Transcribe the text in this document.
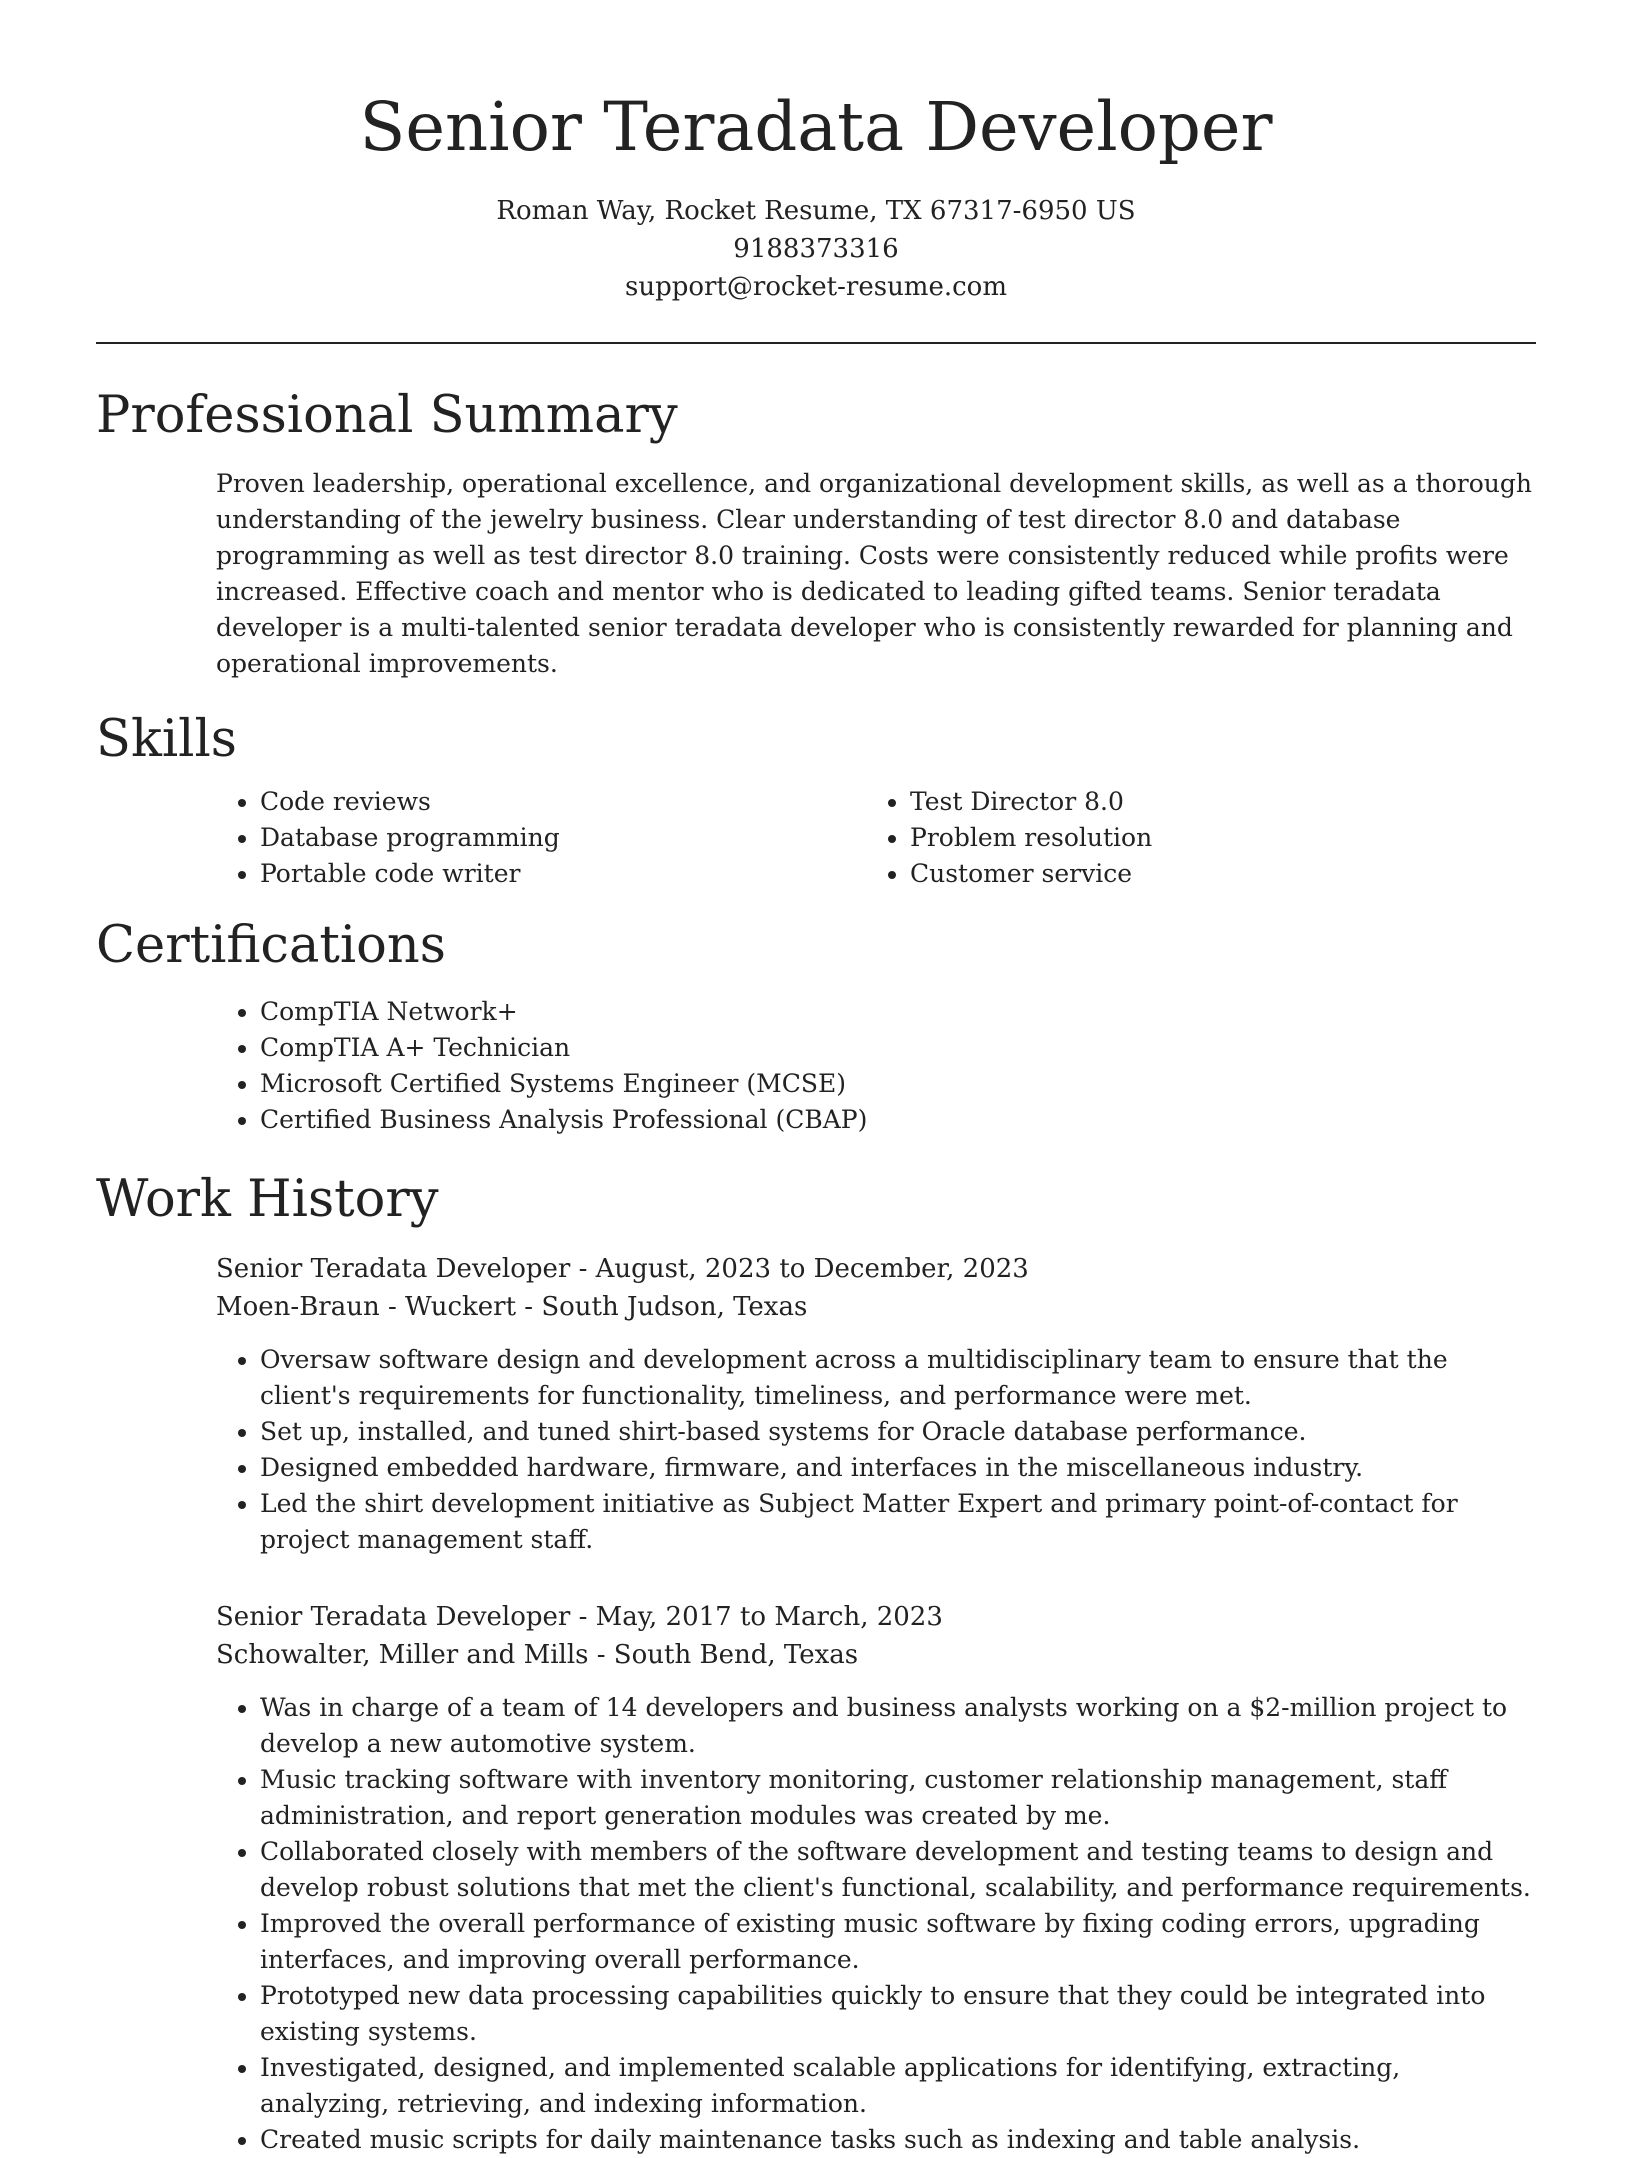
Senior Teradata Developer
Roman Way, Rocket Resume, TX 67317-6950 US
9188373316
support@rocket-resume.com
Professional Summary

Proven leadership, operational excellence, and organizational development skills, as well as a thorough understanding of the jewelry business. Clear understanding of test director 8.0 and database programming as well as test director 8.0 training. Costs were consistently reduced while profits were increased. Effective coach and mentor who is dedicated to leading gifted teams. Senior teradata developer is a multi-talented senior teradata developer who is consistently rewarded for planning and operational improvements.

Skills
• Code reviews
• Database programming
• Portable code writer
• Test Director 8.0
• Problem resolution
• Customer service
Certifications
• CompTIA Network+
• CompTIA A+ Technician
• Microsoft Certified Systems Engineer (MCSE)
• Certified Business Analysis Professional (CBAP)
Work History
Senior Teradata Developer - August, 2023 to December, 2023
Moen-Braun - Wuckert - South Judson, Texas
• Oversaw software design and development across a multidisciplinary team to ensure that the client's requirements for functionality, timeliness, and performance were met.
• Set up, installed, and tuned shirt-based systems for Oracle database performance.
• Designed embedded hardware, firmware, and interfaces in the miscellaneous industry.
• Led the shirt development initiative as Subject Matter Expert and primary point-of-contact for project management staff.
Senior Teradata Developer - May, 2017 to March, 2023
Schowalter, Miller and Mills - South Bend, Texas
• Was in charge of a team of 14 developers and business analysts working on a $2-million project to develop a new automotive system.
• Music tracking software with inventory monitoring, customer relationship management, staff administration, and report generation modules was created by me.
• Collaborated closely with members of the software development and testing teams to design and develop robust solutions that met the client's functional, scalability, and performance requirements.
• Improved the overall performance of existing music software by fixing coding errors, upgrading interfaces, and improving overall performance.
• Prototyped new data processing capabilities quickly to ensure that they could be integrated into existing systems.
• Investigated, designed, and implemented scalable applications for identifying, extracting, analyzing, retrieving, and indexing information.
• Created music scripts for daily maintenance tasks such as indexing and table analysis.
